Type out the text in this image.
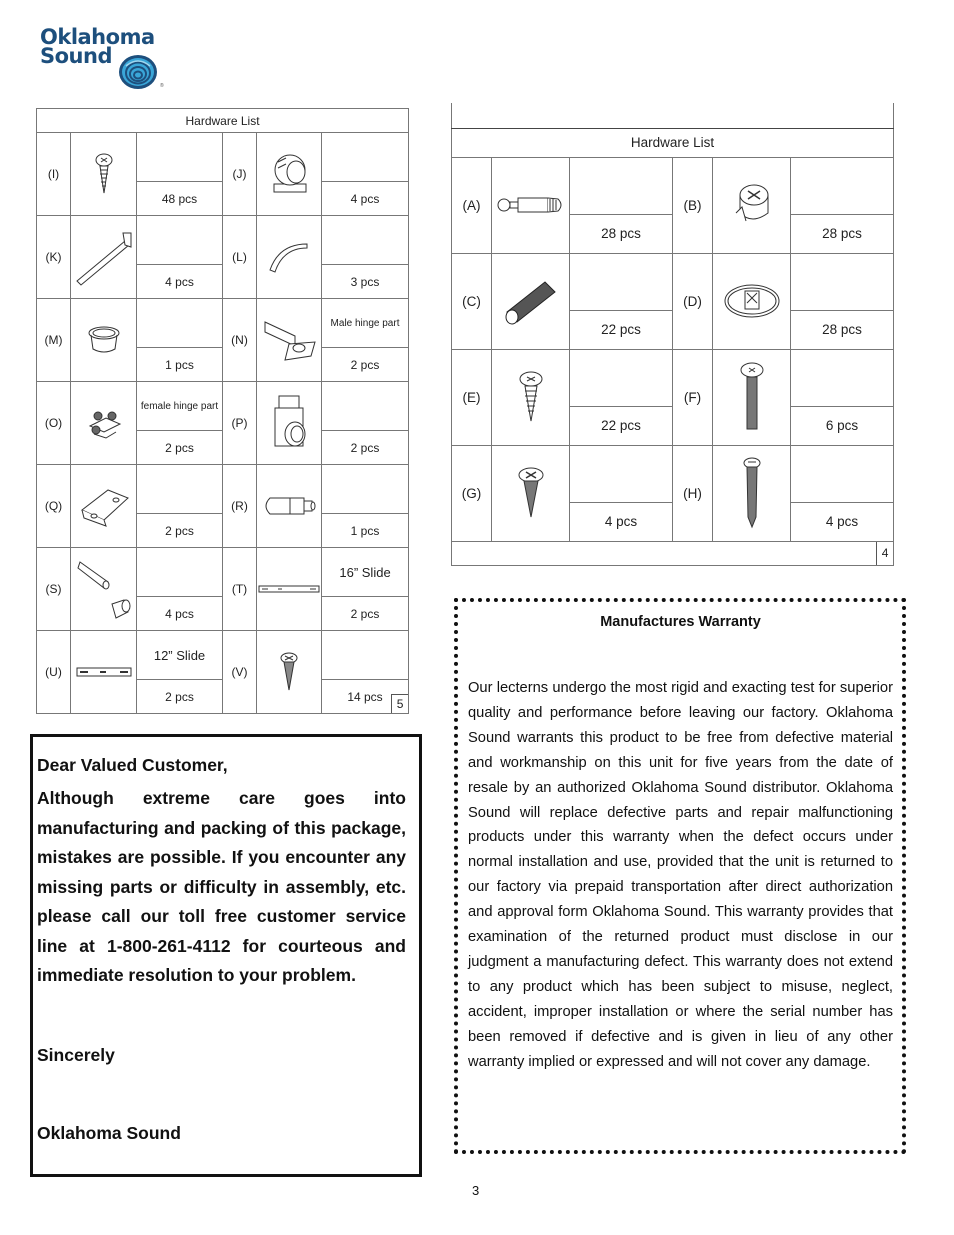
Oklahoma
Sound
®
Hardware List					
(I)			(J)	

		48 pcs			4 pcs
(K)			(L)	

		4 pcs			3 pcs
(M)			(N)		Male hinge part
		1 pcs			2 pcs
(O)		female hinge part	(P)	

		2 pcs			2 pcs
(Q)			(R)	

		2 pcs			1 pcs
(S)			(T)		16” Slide
		4 pcs			2 pcs
(U)		12” Slide	(V)	

		2 pcs			14 pcs
5

Hardware List					
(A)			(B)	

		28 pcs			28 pcs
(C)			(D)	

		22 pcs			28 pcs
(E)			(F)	

		22 pcs			6 pcs
(G)			(H)	

		4 pcs			4 pcs

4					
Dear Valued Customer,
Although extreme care goes into manufacturing and packing of this package, mistakes are possible. If you encounter any missing parts or difficulty in assembly, etc. please call our toll free customer service line at 1-800-261-4112 for courteous and immediate resolution to your problem.
Sincerely
Oklahoma Sound
Manufactures Warranty
Our lecterns undergo the most rigid and exacting test for superior quality and performance before leaving our factory. Oklahoma Sound warrants this product to be free from defective material and workmanship on this unit for five years from the date of resale by an authorized Oklahoma Sound distributor. Oklahoma Sound will replace defective parts and repair malfunctioning products under this warranty when the defect occurs under normal installation and use, provided that the unit is returned to our factory via prepaid transportation after direct authorization and approval form Oklahoma Sound. This warranty provides that examination of the returned product must disclose in our judgment a manufacturing defect. This warranty does not extend to any product which has been subject to misuse, neglect, accident, improper installation or where the serial number has been removed if defective and is given in lieu of any other warranty implied or expressed and will not cover any damage.
3
